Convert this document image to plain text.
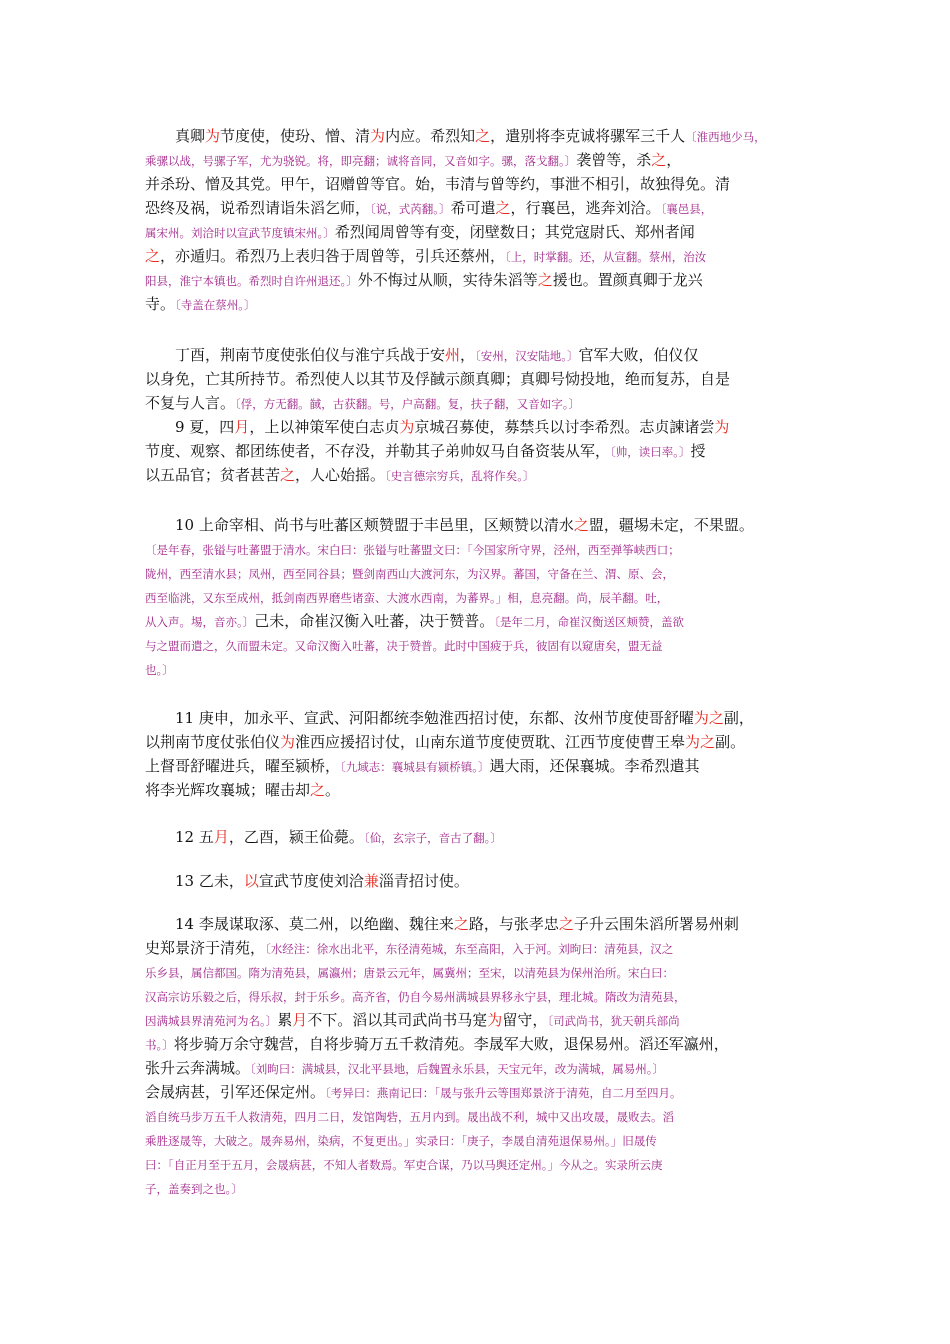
真卿为节度使，使玢、憎、清为内应。希烈知之，遣别将李克诚将骡军三千人〔淮西地少马，
乘骡以战，号骡子军，尤为骁锐。将，即亮翻；诚将音同，又音如字。骡，落戈翻。〕袭曾等，杀之，
并杀玢、憎及其党。甲午，诏赠曾等官。始，韦清与曾等约，事泄不相引，故独得免。清
恐终及祸，说希烈请诣朱滔乞师，〔说，式芮翻。〕希可遣之，行襄邑，逃奔刘洽。〔襄邑县，
属宋州。刘洽时以宣武节度镇宋州。〕希烈闻周曾等有变，闭壁数日；其党寇尉氏、郑州者闻
之，亦遁归。希烈乃上表归咎于周曾等，引兵还蔡州，〔上，时掌翻。还，从宣翻。蔡州，治汝
阳县，淮宁本镇也。希烈时自许州退还。〕外不悔过从顺，实待朱滔等之援也。置颜真卿于龙兴
寺。〔寺盖在蔡州。〕
丁酉，荆南节度使张伯仪与淮宁兵战于安州，〔安州，汉安陆地。〕官军大败，伯仪仅
以身免，亡其所持节。希烈使人以其节及俘馘示颜真卿；真卿号恸投地，绝而复苏，自是
不复与人言。〔俘，方无翻。馘，古获翻。号，户高翻。复，扶子翻，又音如字。〕
9 夏，四月，上以神策军使白志贞为京城召募使，募禁兵以讨李希烈。志贞諫诸尝为
节度、观察、都团练使者，不存没，并勒其子弟帅奴马自备资装从军，〔帅，读曰率。〕授
以五品官；贫者甚苦之，人心始摇。〔史言德宗穷兵，乱将作矣。〕
10 上命宰相、尚书与吐蕃区颊赞盟于丰邑里，区颊赞以清水之盟，疆埸未定，不果盟。
〔是年春，张镒与吐蕃盟于清水。宋白曰：张镒与吐蕃盟文曰：「今国家所守界，泾州，西至弹筝峡西口；
陇州，西至清水县；凤州，西至同谷县；暨剑南西山大渡河东，为汉界。蕃国，守备在兰、渭、原、会，
西至临洮，又东至成州，抵剑南西界磨些诸蛮、大渡水西南，为蕃界。」相，息亮翻。尚，辰羊翻。吐，
从入声。埸，音亦。〕己未，命崔汉衡入吐蕃，决于赞普。〔是年二月，命崔汉衡送区颊赞，盖欲
与之盟而遣之，久而盟未定。又命汉衡入吐蕃，决于赞普。此时中国疲于兵，彼固有以窥唐矣，盟无益
也。〕
11 庚申，加永平、宣武、河阳都统李勉淮西招讨使，东都、汝州节度使哥舒曜为之副，
以荆南节度仗张伯仪为淮西应援招讨仗，山南东道节度使贾耽、江西节度使曹王皋为之副。
上督哥舒曜进兵，曜至颍桥，〔九域志：襄城县有颍桥镇。〕遇大雨，还保襄城。李希烈遣其
将李光辉攻襄城；曜击却之。
12 五月，乙酉，颍王佡薨。〔佡，玄宗子，音古了翻。〕
13 乙未，以宣武节度使刘洽兼淄青招讨使。
14 李晟谋取涿、莫二州，以绝幽、魏往来之路，与张孝忠之子升云围朱滔所署易州刺
史郑景济于清苑，〔水经注：徐水出北平，东径清苑城，东至高阳，入于河。刘昫曰：清苑县，汉之
乐乡县，属信都国。隋为清苑县，属瀛州；唐景云元年，属冀州；至宋，以清苑县为保州治所。宋白曰：
汉高宗访乐毅之后，得乐叔，封于乐乡。高齐省，仍自今易州满城县界移永宁县，理北城。隋改为清苑县，
因满城县界清苑河为名。〕累月不下。滔以其司武尚书马寔为留守，〔司武尚书，犹天朝兵部尚
书。〕将步骑万余守魏营，自将步骑万五千救清苑。李晟军大败，退保易州。滔还军瀛州，
张升云奔满城。〔刘昫曰：满城县，汉北平县地，后魏置永乐县，天宝元年，改为满城，属易州。〕
会晟病甚，引军还保定州。〔考异曰：燕南记曰：「晟与张升云等围郑景济于清苑，自二月至四月。
滔自统马步万五千人救清苑，四月二日，发馆陶砦，五月内到。晟出战不利，城中又出攻晟，晟败去。滔
乘胜逐晟等，大破之。晟奔易州，染病，不复更出。」实录曰：「庚子，李晟自清苑退保易州。」旧晟传
曰：「自正月至于五月，会晟病甚，不知人者数焉。军吏合谋，乃以马舆还定州。」今从之。实录所云庚
子，盖奏到之也。〕
